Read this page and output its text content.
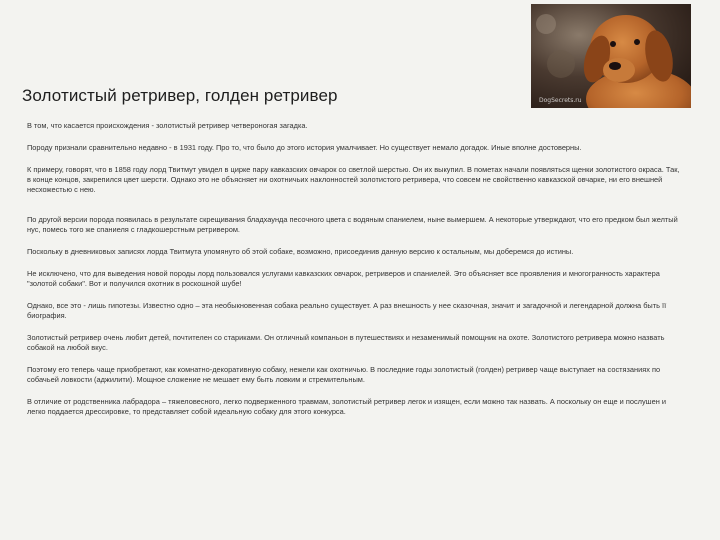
Золотистый ретривер, голден ретривер	DogSecrets.ru

В том, что касается происхождения - золотистый ретривер четвероногая загадка.

Породу признали сравнительно недавно - в 1931 году. Про то, что было до этого история умалчивает. Но существует немало догадок. Иные вполне достоверны.

К примеру, говорят, что в 1858 году лорд Твитмут увидел в цирке пару кавказских овчарок со светлой шерстью. Он их выкупил. В пометах начали появляться щенки золотистого окраса. Так, в конце концов, закрепился цвет шерсти. Однако это не объясняет ни охотничьих наклонностей золотистого ретривера, что совсем не свойственно кавказской овчарке, ни его внешней несхожестью с нею.

По другой версии порода появилась в результате скрещивания бладхаунда песочного цвета с водяным спаниелем, ныне вымершем. А некоторые утверждают, что его предком был желтый нус, помесь того же спаниеля с гладкошерстным ретривером.

Поскольку в дневниковых записях лорда Твитмута упомянуто об этой собаке, возможно, присоединив данную версию к остальным, мы доберемся до истины.

Не исключено, что для выведения новой породы лорд пользовался услугами кавказских овчарок, ретриверов и спаниелей. Это объясняет все проявления и многогранность характера "золотой собаки". Вот и получился охотник в роскошной шубе!

Однако, все это - лишь гипотезы. Известно одно – эта необыкновенная собака реально существует. А раз внешность у нее сказочная, значит и загадочной и легендарной должна быть її биография.

Золотистый ретривер очень любит детей, почтителен со стариками. Он отличный компаньон в путешествиях и незаменимый помощник на охоте. Золотистого ретривера можно назвать собакой на любой вкус.

Поэтому его теперь чаще приобретают, как комнатно-декоративную собаку, нежели как охотничью. В последние годы золотистый (голден) ретривер чаще выступает на состязаниях по собачьей ловкости (аджилити). Мощное сложение не мешает ему быть ловким и стремительным.

В отличие от родственника лабрадора – тяжеловесного, легко подверженного травмам, золотистый ретривер легок и изящен, если можно так назвать. А поскольку он еще и послушен и легко поддается дрессировке, то представляет собой идеальную собаку для этого конкурса.
